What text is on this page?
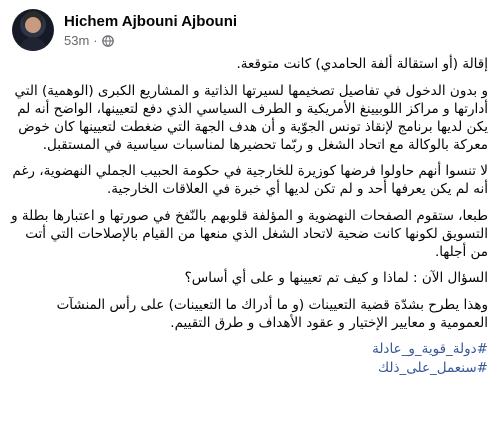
Hichem Ajbouni Ajbouni
53m ·

إقالة (أو استقالة ألفة الحامدي) كانت متوقعة.

و بدون الدخول في تفاصيل تصخيمها لسيرتها الذاتية و المشاريع الكبرى (الوهمية) التي أدارتها و مراكز اللوبيينغ الأمريكية و الطرف السياسي الذي دفع لتعيينها، الواضح أنه لم يكن لديها برنامج لإنقاذ تونس الجوّية و أن هدف الجهة التي ضغطت لتعيينها كان خوض معركة بالوكالة مع اتحاد الشغل و ربّما تحضيرها لمناسبات سياسية في المستقبل.

لا تنسوا أنهم حاولوا فرضها كوزيرة للخارجية في حكومة الحبيب الجملي النهضوية، رغم أنه لم يكن يعرفها أحد و لم تكن لديها أي خبرة في العلاقات الخارجية.

طبعا، ستقوم الصفحات النهضوية و المؤلفة قلوبهم بالنّفخ في صورتها و اعتبارها بطلة و التسويق لكونها كانت ضحية لاتحاد الشغل الذي منعها من القيام بالإصلاحات التي أتت من أجلها.

السؤال الآن : لماذا و كيف تم تعيينها و على أي أساس؟

وهذا يطرح بشدّة قضية التعيينات (و ما أدراك ما التعيينات) على رأس المنشآت العمومية و معايير الإختيار و عقود الأهداف و طرق التقييم.

#دولة_قوية_و_عادلة
#سنعمل_على_ذلك
